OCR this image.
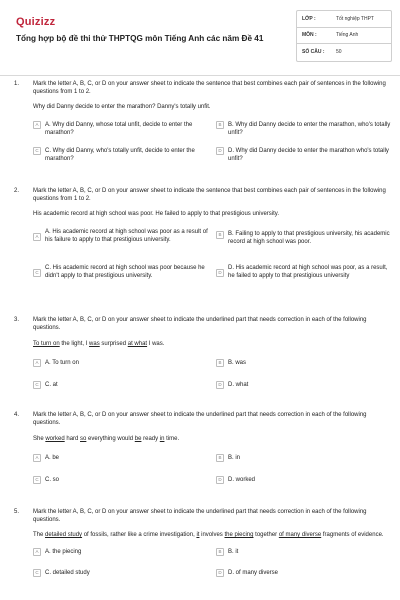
Quizizz
Tổng hợp bộ đề thi thử THPTQG môn Tiếng Anh các năm Đề 41
LỚP :	Tốt nghiệp THPT
MÔN :	Tiếng Anh
SỐ CÂU :	50
1. Mark the letter A, B, C, or D on your answer sheet to indicate the sentence that best combines each pair of sentences in the following questions from 1 to 2.
Why did Danny decide to enter the marathon? Danny's totally unfit.
A	A. Why did Danny, whose total unfit, decide to enter the marathon?
B	B. Why did Danny decide to enter the marathon, who's totally unfit?
C	C. Why did Danny, who's totally unfit, decide to enter the marathon?
D	D. Why did Danny decide to enter the marathon who's totally unfit?
2. Mark the letter A, B, C, or D on your answer sheet to indicate the sentence that best combines each pair of sentences in the following questions from 1 to 2.
His academic record at high school was poor. He failed to apply to that prestigious university.
A
A. His academic record at high school was poor as a result of his failure to apply to that prestigious university.
B	B. Failing to apply to that prestigious university, his academic record at high school was poor.
C
C. His academic record at high school was poor because he didn't apply to that prestigious university.
D
D. His academic record at high school was poor, as a result, he failed to apply to that prestigious university
3. Mark the letter A, B, C, or D on your answer sheet to indicate the underlined part that needs correction in each of the following questions.
To turn on the light, I was surprised at what I was.
A	A. To turn on	B	B. was
C	C. at	D	D. what
4. Mark the letter A, B, C, or D on your answer sheet to indicate the underlined part that needs correction in each of the following questions.
She worked hard so everything would be ready in time.
A	A. be	B	B. in
C	C. so	D	D. worked
5. Mark the letter A, B, C, or D on your answer sheet to indicate the underlined part that needs correction in each of the following questions.
The detailed study of fossils, rather like a crime investigation, it involves the piecing together of many diverse fragments of evidence.
A	A. the piecing	B	B. it
C	C. detailed study	D	D. of many diverse
